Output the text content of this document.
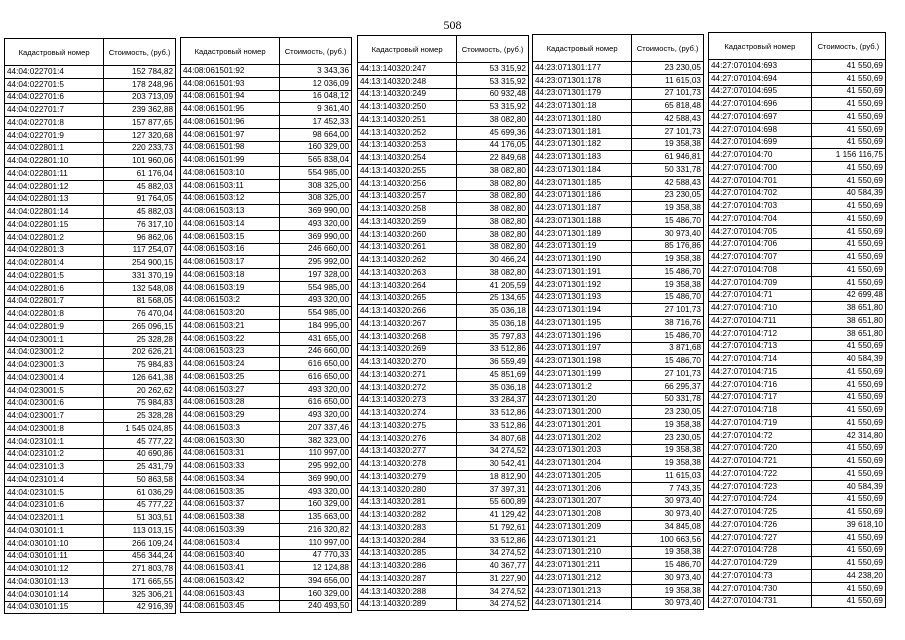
508
Кадастровый номер	Стоимость, (руб.)
44:04:022701:4	152 784,82
44:04:022701:5	178 248,96
44:04:022701:6	203 713,09
44:04:022701:7	239 362,88
44:04:022701:8	157 877,65
44:04:022701:9	127 320,68
44:04:022801:1	220 233,73
44:04:022801:10	101 960,06
44:04:022801:11	61 176,04
44:04:022801:12	45 882,03
44:04:022801:13	91 764,05
44:04:022801:14	45 882,03
44:04:022801:15	76 317,10
44:04:022801:2	96 862,06
44:04:022801:3	117 254,07
44:04:022801:4	254 900,15
44:04:022801:5	331 370,19
44:04:022801:6	132 548,08
44:04:022801:7	81 568,05
44:04:022801:8	76 470,04
44:04:022801:9	265 096,15
44:04:023001:1	25 328,28
44:04:023001:2	202 626,21
44:04:023001:3	75 984,83
44:04:023001:4	126 641,38
44:04:023001:5	20 262,62
44:04:023001:6	75 984,83
44:04:023001:7	25 328,28
44:04:023001:8	1 545 024,85
44:04:023101:1	45 777,22
44:04:023101:2	40 690,86
44:04:023101:3	25 431,79
44:04:023101:4	50 863,58
44:04:023101:5	61 036,29
44:04:023101:6	45 777,22
44:04:023201:1	51 303,51
44:04:030101:1	113 013,15
44:04:030101:10	266 109,24
44:04:030101:11	456 344,24
44:04:030101:12	271 803,78
44:04:030101:13	171 665,55
44:04:030101:14	325 306,21
44:04:030101:15	42 916,39
Кадастровый номер	Стоимость, (руб.)
44:08:061501:92	3 343,36
44:08:061501:93	12 036,09
44:08:061501:94	16 048,12
44:08:061501:95	9 361,40
44:08:061501:96	17 452,33
44:08:061501:97	98 664,00
44:08:061501:98	160 329,00
44:08:061501:99	565 838,04
44:08:061503:10	554 985,00
44:08:061503:11	308 325,00
44:08:061503:12	308 325,00
44:08:061503:13	369 990,00
44:08:061503:14	493 320,00
44:08:061503:15	369 990,00
44:08:061503:16	246 660,00
44:08:061503:17	295 992,00
44:08:061503:18	197 328,00
44:08:061503:19	554 985,00
44:08:061503:2	493 320,00
44:08:061503:20	554 985,00
44:08:061503:21	184 995,00
44:08:061503:22	431 655,00
44:08:061503:23	246 660,00
44:08:061503:24	616 650,00
44:08:061503:25	616 650,00
44:08:061503:27	493 320,00
44:08:061503:28	616 650,00
44:08:061503:29	493 320,00
44:08:061503:3	207 337,46
44:08:061503:30	382 323,00
44:08:061503:31	110 997,00
44:08:061503:33	295 992,00
44:08:061503:34	369 990,00
44:08:061503:35	493 320,00
44:08:061503:37	160 329,00
44:08:061503:38	135 663,00
44:08:061503:39	216 320,82
44:08:061503:4	110 997,00
44:08:061503:40	47 770,33
44:08:061503:41	12 124,88
44:08:061503:42	394 656,00
44:08:061503:43	160 329,00
44:08:061503:45	240 493,50
Кадастровый номер	Стоимость, (руб.)
44:13:140320:247	53 315,92
44:13:140320:248	53 315,92
44:13:140320:249	60 932,48
44:13:140320:250	53 315,92
44:13:140320:251	38 082,80
44:13:140320:252	45 699,36
44:13:140320:253	44 176,05
44:13:140320:254	22 849,68
44:13:140320:255	38 082,80
44:13:140320:256	38 082,80
44:13:140320:257	38 082,80
44:13:140320:258	38 082,80
44:13:140320:259	38 082,80
44:13:140320:260	38 082,80
44:13:140320:261	38 082,80
44:13:140320:262	30 466,24
44:13:140320:263	38 082,80
44:13:140320:264	41 205,59
44:13:140320:265	25 134,65
44:13:140320:266	35 036,18
44:13:140320:267	35 036,18
44:13:140320:268	35 797,83
44:13:140320:269	33 512,86
44:13:140320:270	36 559,49
44:13:140320:271	45 851,69
44:13:140320:272	35 036,18
44:13:140320:273	33 284,37
44:13:140320:274	33 512,86
44:13:140320:275	33 512,86
44:13:140320:276	34 807,68
44:13:140320:277	34 274,52
44:13:140320:278	30 542,41
44:13:140320:279	18 812,90
44:13:140320:280	37 397,31
44:13:140320:281	55 600,89
44:13:140320:282	41 129,42
44:13:140320:283	51 792,61
44:13:140320:284	33 512,86
44:13:140320:285	34 274,52
44:13:140320:286	40 367,77
44:13:140320:287	31 227,90
44:13:140320:288	34 274,52
44:13:140320:289	34 274,52
Кадастровый номер	Стоимость, (руб.)
44:23:071301:177	23 230,05
44:23:071301:178	11 615,03
44:23:071301:179	27 101,73
44:23:071301:18	65 818,48
44:23:071301:180	42 588,43
44:23:071301:181	27 101,73
44:23:071301:182	19 358,38
44:23:071301:183	61 946,81
44:23:071301:184	50 331,78
44:23:071301:185	42 588,43
44:23:071301:186	23 230,05
44:23:071301:187	19 358,38
44:23:071301:188	15 486,70
44:23:071301:189	30 973,40
44:23:071301:19	85 176,86
44:23:071301:190	19 358,38
44:23:071301:191	15 486,70
44:23:071301:192	19 358,38
44:23:071301:193	15 486,70
44:23:071301:194	27 101,73
44:23:071301:195	38 716,76
44:23:071301:196	15 486,70
44:23:071301:197	3 871,68
44:23:071301:198	15 486,70
44:23:071301:199	27 101,73
44:23:071301:2	66 295,37
44:23:071301:20	50 331,78
44:23:071301:200	23 230,05
44:23:071301:201	19 358,38
44:23:071301:202	23 230,05
44:23:071301:203	19 358,38
44:23:071301:204	19 358,38
44:23:071301:205	11 615,03
44:23:071301:206	7 743,35
44:23:071301:207	30 973,40
44:23:071301:208	30 973,40
44:23:071301:209	34 845,08
44:23:071301:21	100 663,56
44:23:071301:210	19 358,38
44:23:071301:211	15 486,70
44:23:071301:212	30 973,40
44:23:071301:213	19 358,38
44:23:071301:214	30 973,40
Кадастровый номер	Стоимость, (руб.)
44:27:070104:693	41 550,69
44:27:070104:694	41 550,69
44:27:070104:695	41 550,69
44:27:070104:696	41 550,69
44:27:070104:697	41 550,69
44:27:070104:698	41 550,69
44:27:070104:699	41 550,69
44:27:070104:70	1 156 116,75
44:27:070104:700	41 550,69
44:27:070104:701	41 550,69
44:27:070104:702	40 584,39
44:27:070104:703	41 550,69
44:27:070104:704	41 550,69
44:27:070104:705	41 550,69
44:27:070104:706	41 550,69
44:27:070104:707	41 550,69
44:27:070104:708	41 550,69
44:27:070104:709	41 550,69
44:27:070104:71	42 699,48
44:27:070104:710	38 651,80
44:27:070104:711	38 651,80
44:27:070104:712	38 651,80
44:27:070104:713	41 550,69
44:27:070104:714	40 584,39
44:27:070104:715	41 550,69
44:27:070104:716	41 550,69
44:27:070104:717	41 550,69
44:27:070104:718	41 550,69
44:27:070104:719	41 550,69
44:27:070104:72	42 314,80
44:27:070104:720	41 550,69
44:27:070104:721	41 550,69
44:27:070104:722	41 550,69
44:27:070104:723	40 584,39
44:27:070104:724	41 550,69
44:27:070104:725	41 550,69
44:27:070104:726	39 618,10
44:27:070104:727	41 550,69
44:27:070104:728	41 550,69
44:27:070104:729	41 550,69
44:27:070104:73	44 238,20
44:27:070104:730	41 550,69
44:27:070104:731	41 550,69
